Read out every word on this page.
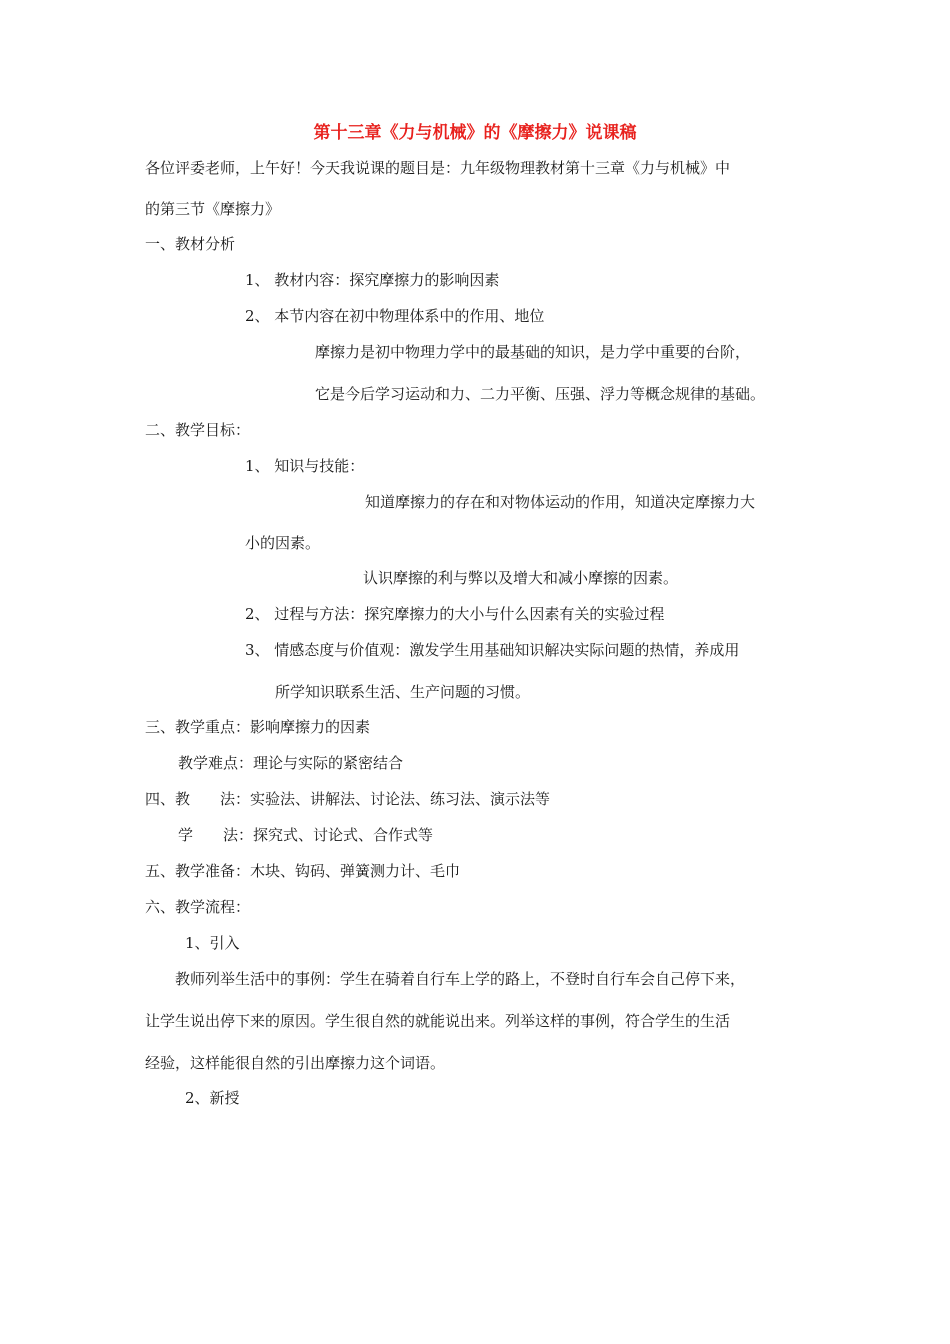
第十三章《力与机械》的《摩擦力》说课稿
各位评委老师，上午好！今天我说课的题目是：九年级物理教材第十三章《力与机械》中
的第三节《摩擦力》
一、教材分析
1、 教材内容：探究摩擦力的影响因素
2、 本节内容在初中物理体系中的作用、地位
摩擦力是初中物理力学中的最基础的知识，是力学中重要的台阶，
它是今后学习运动和力、二力平衡、压强、浮力等概念规律的基础。
二、教学目标：
1、 知识与技能：
知道摩擦力的存在和对物体运动的作用，知道决定摩擦力大
小的因素。
认识摩擦的利与弊以及增大和减小摩擦的因素。
2、 过程与方法：探究摩擦力的大小与什么因素有关的实验过程
3、 情感态度与价值观：激发学生用基础知识解决实际问题的热情，养成用
所学知识联系生活、生产问题的习惯。
三、教学重点：影响摩擦力的因素
教学难点：理论与实际的紧密结合
四、教 法：实验法、讲解法、讨论法、练习法、演示法等
学 法：探究式、讨论式、合作式等
五、教学准备：木块、钩码、弹簧测力计、毛巾
六、教学流程：
1、引入
教师列举生活中的事例：学生在骑着自行车上学的路上，不登时自行车会自己停下来，
让学生说出停下来的原因。学生很自然的就能说出来。列举这样的事例，符合学生的生活
经验，这样能很自然的引出摩擦力这个词语。
2、新授
